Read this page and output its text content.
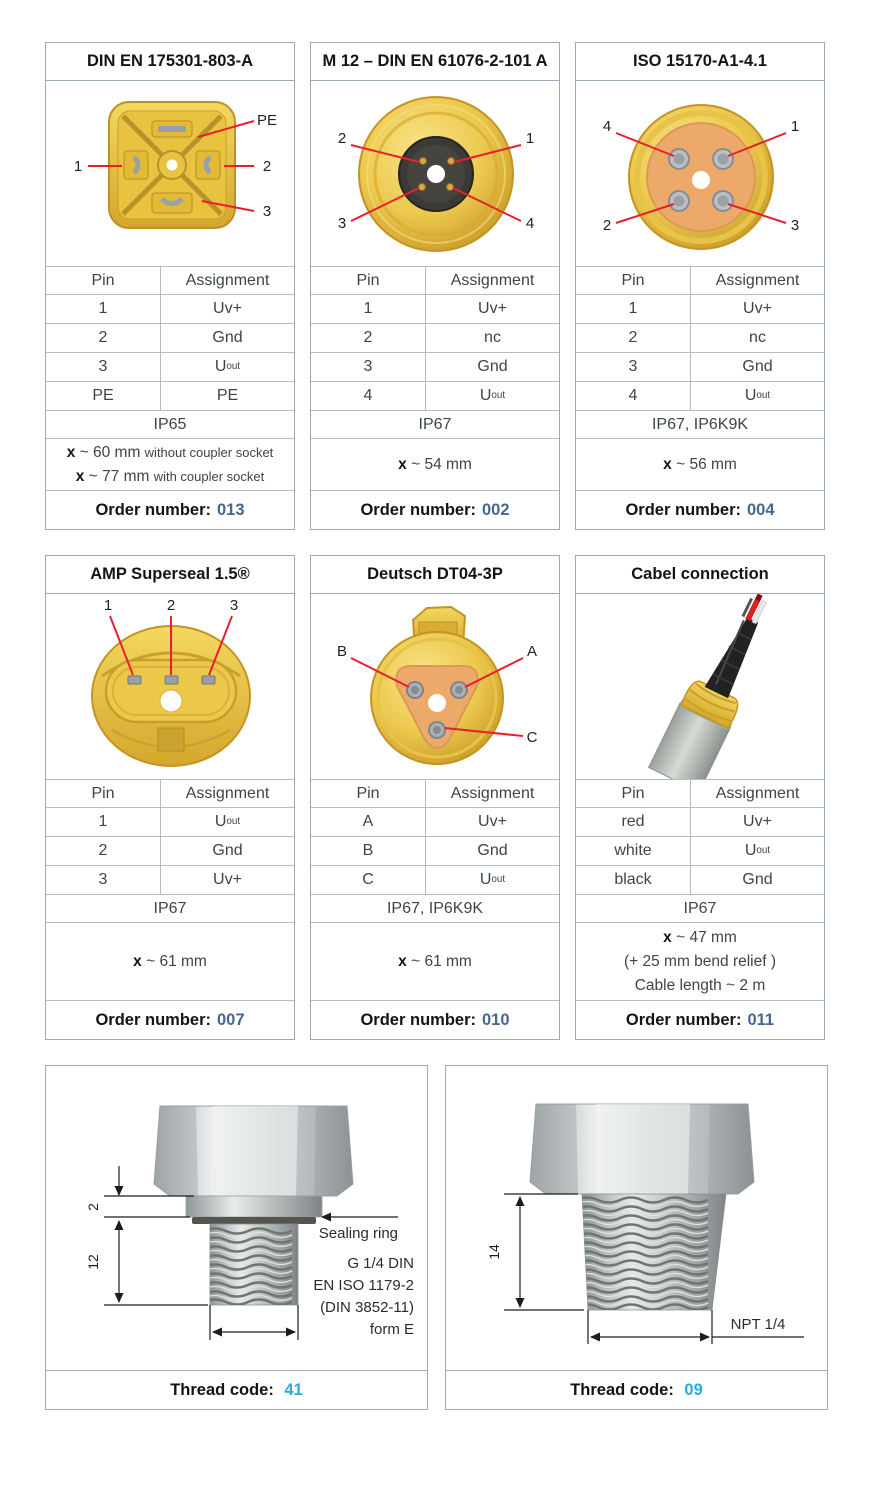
DIN EN 175301-803-A
1
PE
2
3
Pin	Assignment
1	Uv+
2	Gnd
3	U out
PE	PE
IP65
x ~ 60 mm without coupler socket
x ~ 77 mm with coupler socket
Order number: 013
M 12 – DIN EN 61076-2-101 A
2	1
3	4
Pin	Assignment
1	Uv+
2	nc
3	Gnd
4	U out
IP67
x ~ 54 mm
Order number: 002
ISO 15170-A1-4.1
4	1
2	3
Pin	Assignment
1	Uv+
2	nc
3	Gnd
4	U out
IP67, IP6K9K
x ~ 56 mm
Order number: 004
AMP Superseal 1.5®
1	2	3
Pin	Assignment
1	U out
2	Gnd
3	Uv+
IP67
x ~ 61 mm
Order number: 007
Deutsch DT04-3P
B	A
C
Pin	Assignment
A	Uv+
B	Gnd
C	U out
IP67, IP6K9K
x ~ 61 mm
Order number: 010
Cabel connection
Pin	Assignment
red	Uv+
white	U out
black	Gnd
IP67
x ~ 47 mm
(+ 25 mm bend relief )
Cable length ~ 2 m
Order number: 011
2
12
Sealing ring
G 1/4 DIN
EN ISO 1179-2
(DIN 3852-11)
form E
Thread code: 41
14
NPT 1/4
Thread code: 09
